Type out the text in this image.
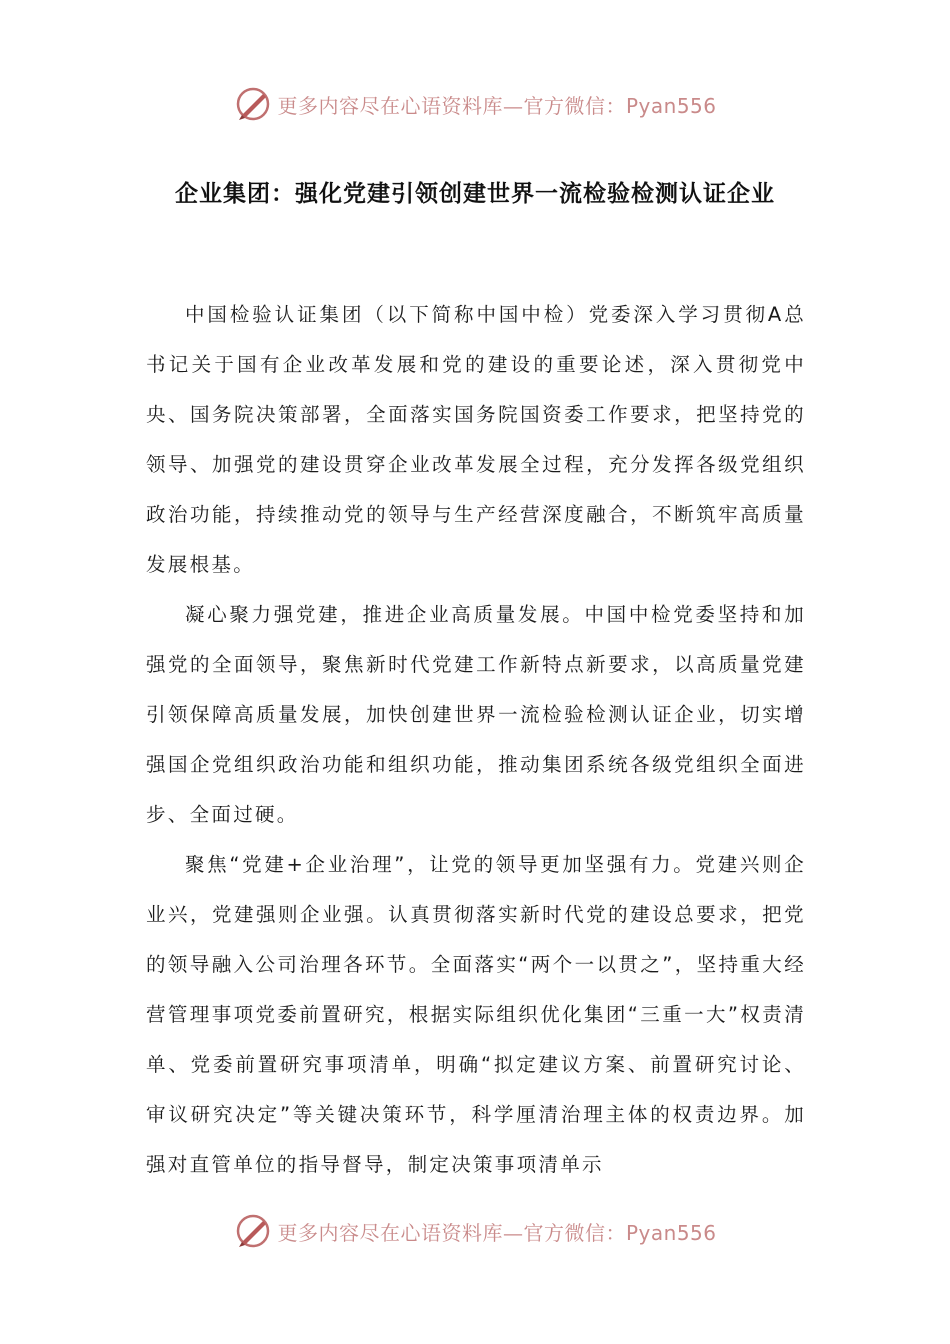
更多内容尽在心语资料库—官方微信：Pyan556
企业集团：强化党建引领创建世界一流检验检测认证企业

中国检验认证集团（以下简称中国中检）党委深入学习贯彻A总书记关于国有企业改革发展和党的建设的重要论述，深入贯彻党中央、国务院决策部署，全面落实国务院国资委工作要求，把坚持党的领导、加强党的建设贯穿企业改革发展全过程，充分发挥各级党组织政治功能，持续推动党的领导与生产经营深度融合，不断筑牢高质量发展根基。

凝心聚力强党建，推进企业高质量发展。中国中检党委坚持和加强党的全面领导，聚焦新时代党建工作新特点新要求，以高质量党建引领保障高质量发展，加快创建世界一流检验检测认证企业，切实增强国企党组织政治功能和组织功能，推动集团系统各级党组织全面进步、全面过硬。

聚焦“党建+企业治理”，让党的领导更加坚强有力。党建兴则企业兴，党建强则企业强。认真贯彻落实新时代党的建设总要求，把党的领导融入公司治理各环节。全面落实“两个一以贯之”，坚持重大经营管理事项党委前置研究，根据实际组织优化集团“三重一大”权责清单、党委前置研究事项清单，明确“拟定建议方案、前置研究讨论、审议研究决定”等关键决策环节，科学厘清治理主体的权责边界。加强对直管单位的指导督导，制定决策事项清单示

更多内容尽在心语资料库—官方微信：Pyan556
